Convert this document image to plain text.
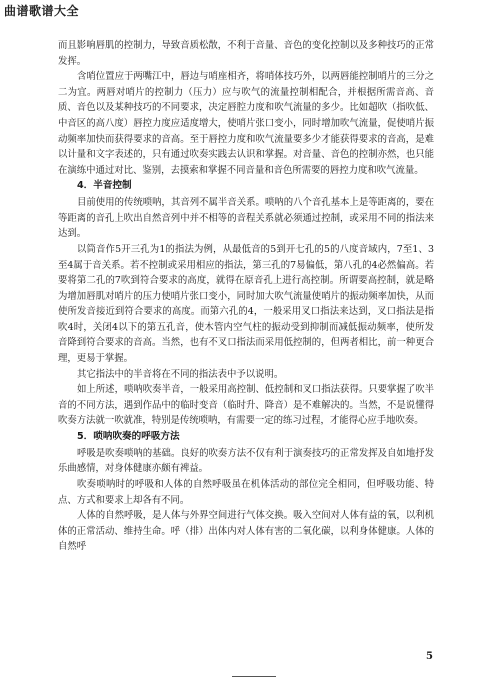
曲谱歌谱大全

而且影响唇肌的控制力，导致音质松散，不利于音量、音色的变化控制以及多种技巧的正常发挥。

含哨位置应于两嘴江中，唇边与哨座相齐，将哨体技巧外，以两唇能控制哨片的三分之二为宜。两唇对哨片的控制力（压力）应与吹气的流量控制相配合，并根据所需音高、音质、音色以及某种技巧的不同要求，决定唇腔力度和吹气流量的多少。比如超吹（指吹低、中音区的高八度）唇控力度应适度增大，使哨片张口变小，同时增加吹气流量，促使哨片振动频率加快而获得要求的音高。至于唇控力度和吹气流量要多少才能获得要求的音高，是难以计量和文字表述的，只有通过吹奏实践去认识和掌握。对音量、音色的控制亦然，也只能在演练中通过对比、鉴别，去摸索和掌握不同音量和音色所需要的唇控力度和吹气流量。

4．半音控制

目前使用的传统唢呐，其音列不属半音关系。唢呐的八个音孔基本上是等距离的，要在等距离的音孔上吹出自然音列中并不相等的音程关系就必须通过控制，或采用不同的指法来达到。

以筒音作5开三孔为1的指法为例，从最低音的5到开七孔的5的八度音域内，7至1、3至4属于音关系。若不控制或采用相应的指法，第三孔的7易偏低，第八孔的4必然偏高。若要将第二孔的7吹到符合要求的高度，就得在原音孔上进行高控制。所谓要高控制，就是略为增加唇肌对哨片的压力使哨片张口变小，同时加大吹气流量使哨片的振动频率加快，从而使所发音接近到符合要求的高度。而第六孔的4，一般采用叉口指法来达到，叉口指法是指吹4时，关闭4以下的第五孔音，使木管内空气柱的振动受到抑制而减低振动频率，使所发音降到符合要求的音高。当然，也有不叉口指法而采用低控制的，但两者相比，前一种更合理，更易于掌握。

其它指法中的半音将在不同的指法表中予以说明。

如上所述，唢呐吹奏半音，一般采用高控制、低控制和叉口指法获得。只要掌握了吹半音的不同方法，遇到作品中的临时变音（临时升、降音）是不难解决的。当然，不是说懂得吹奏方法就一吹就准，特别是传统唢呐，有需要一定的练习过程，才能得心应手地吹奏。

5．唢呐吹奏的呼吸方法

呼吸是吹奏唢呐的基础。良好的吹奏方法不仅有利于演奏技巧的正常发挥及自如地抒发乐曲感情，对身体健康亦颇有裨益。

吹奏唢呐时的呼吸和人体的自然呼吸虽在机体活动的部位完全相同，但呼吸功能、特点、方式和要求上却各有不同。

人体的自然呼吸，是人体与外界空间进行气体交换。吸入空间对人体有益的氧，以利机体的正常活动、维持生命。呼（排）出体内对人体有害的二氧化碳，以利身体健康。人体的自然呼

5
